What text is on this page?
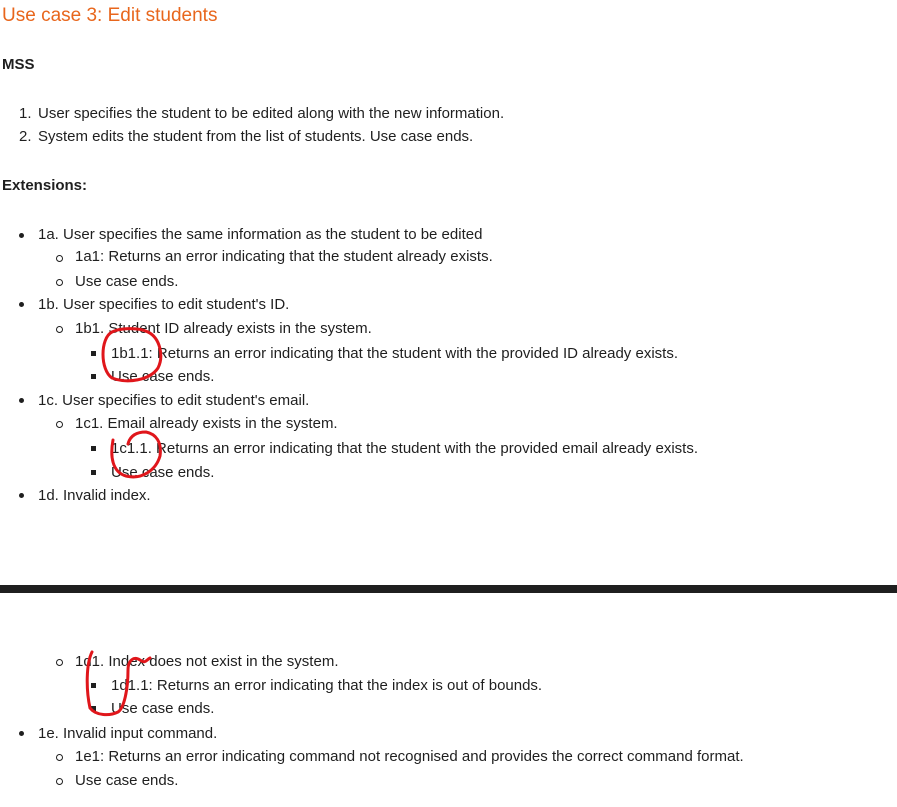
Use case 3: Edit students
MSS
1. User specifies the student to be edited along with the new information.
2. System edits the student from the list of students. Use case ends.
Extensions:
1a. User specifies the same information as the student to be edited
1a1: Returns an error indicating that the student already exists.
Use case ends.
1b. User specifies to edit student's ID.
1b1. Student ID already exists in the system.
1b1.1: Returns an error indicating that the student with the provided ID already exists.
Use case ends.
1c. User specifies to edit student's email.
1c1. Email already exists in the system.
1c1.1. Returns an error indicating that the student with the provided email already exists.
Use case ends.
1d. Invalid index.
1d1. Index does not exist in the system.
1d1.1: Returns an error indicating that the index is out of bounds.
Use case ends.
1e. Invalid input command.
1e1: Returns an error indicating command not recognised and provides the correct command format.
Use case ends.
